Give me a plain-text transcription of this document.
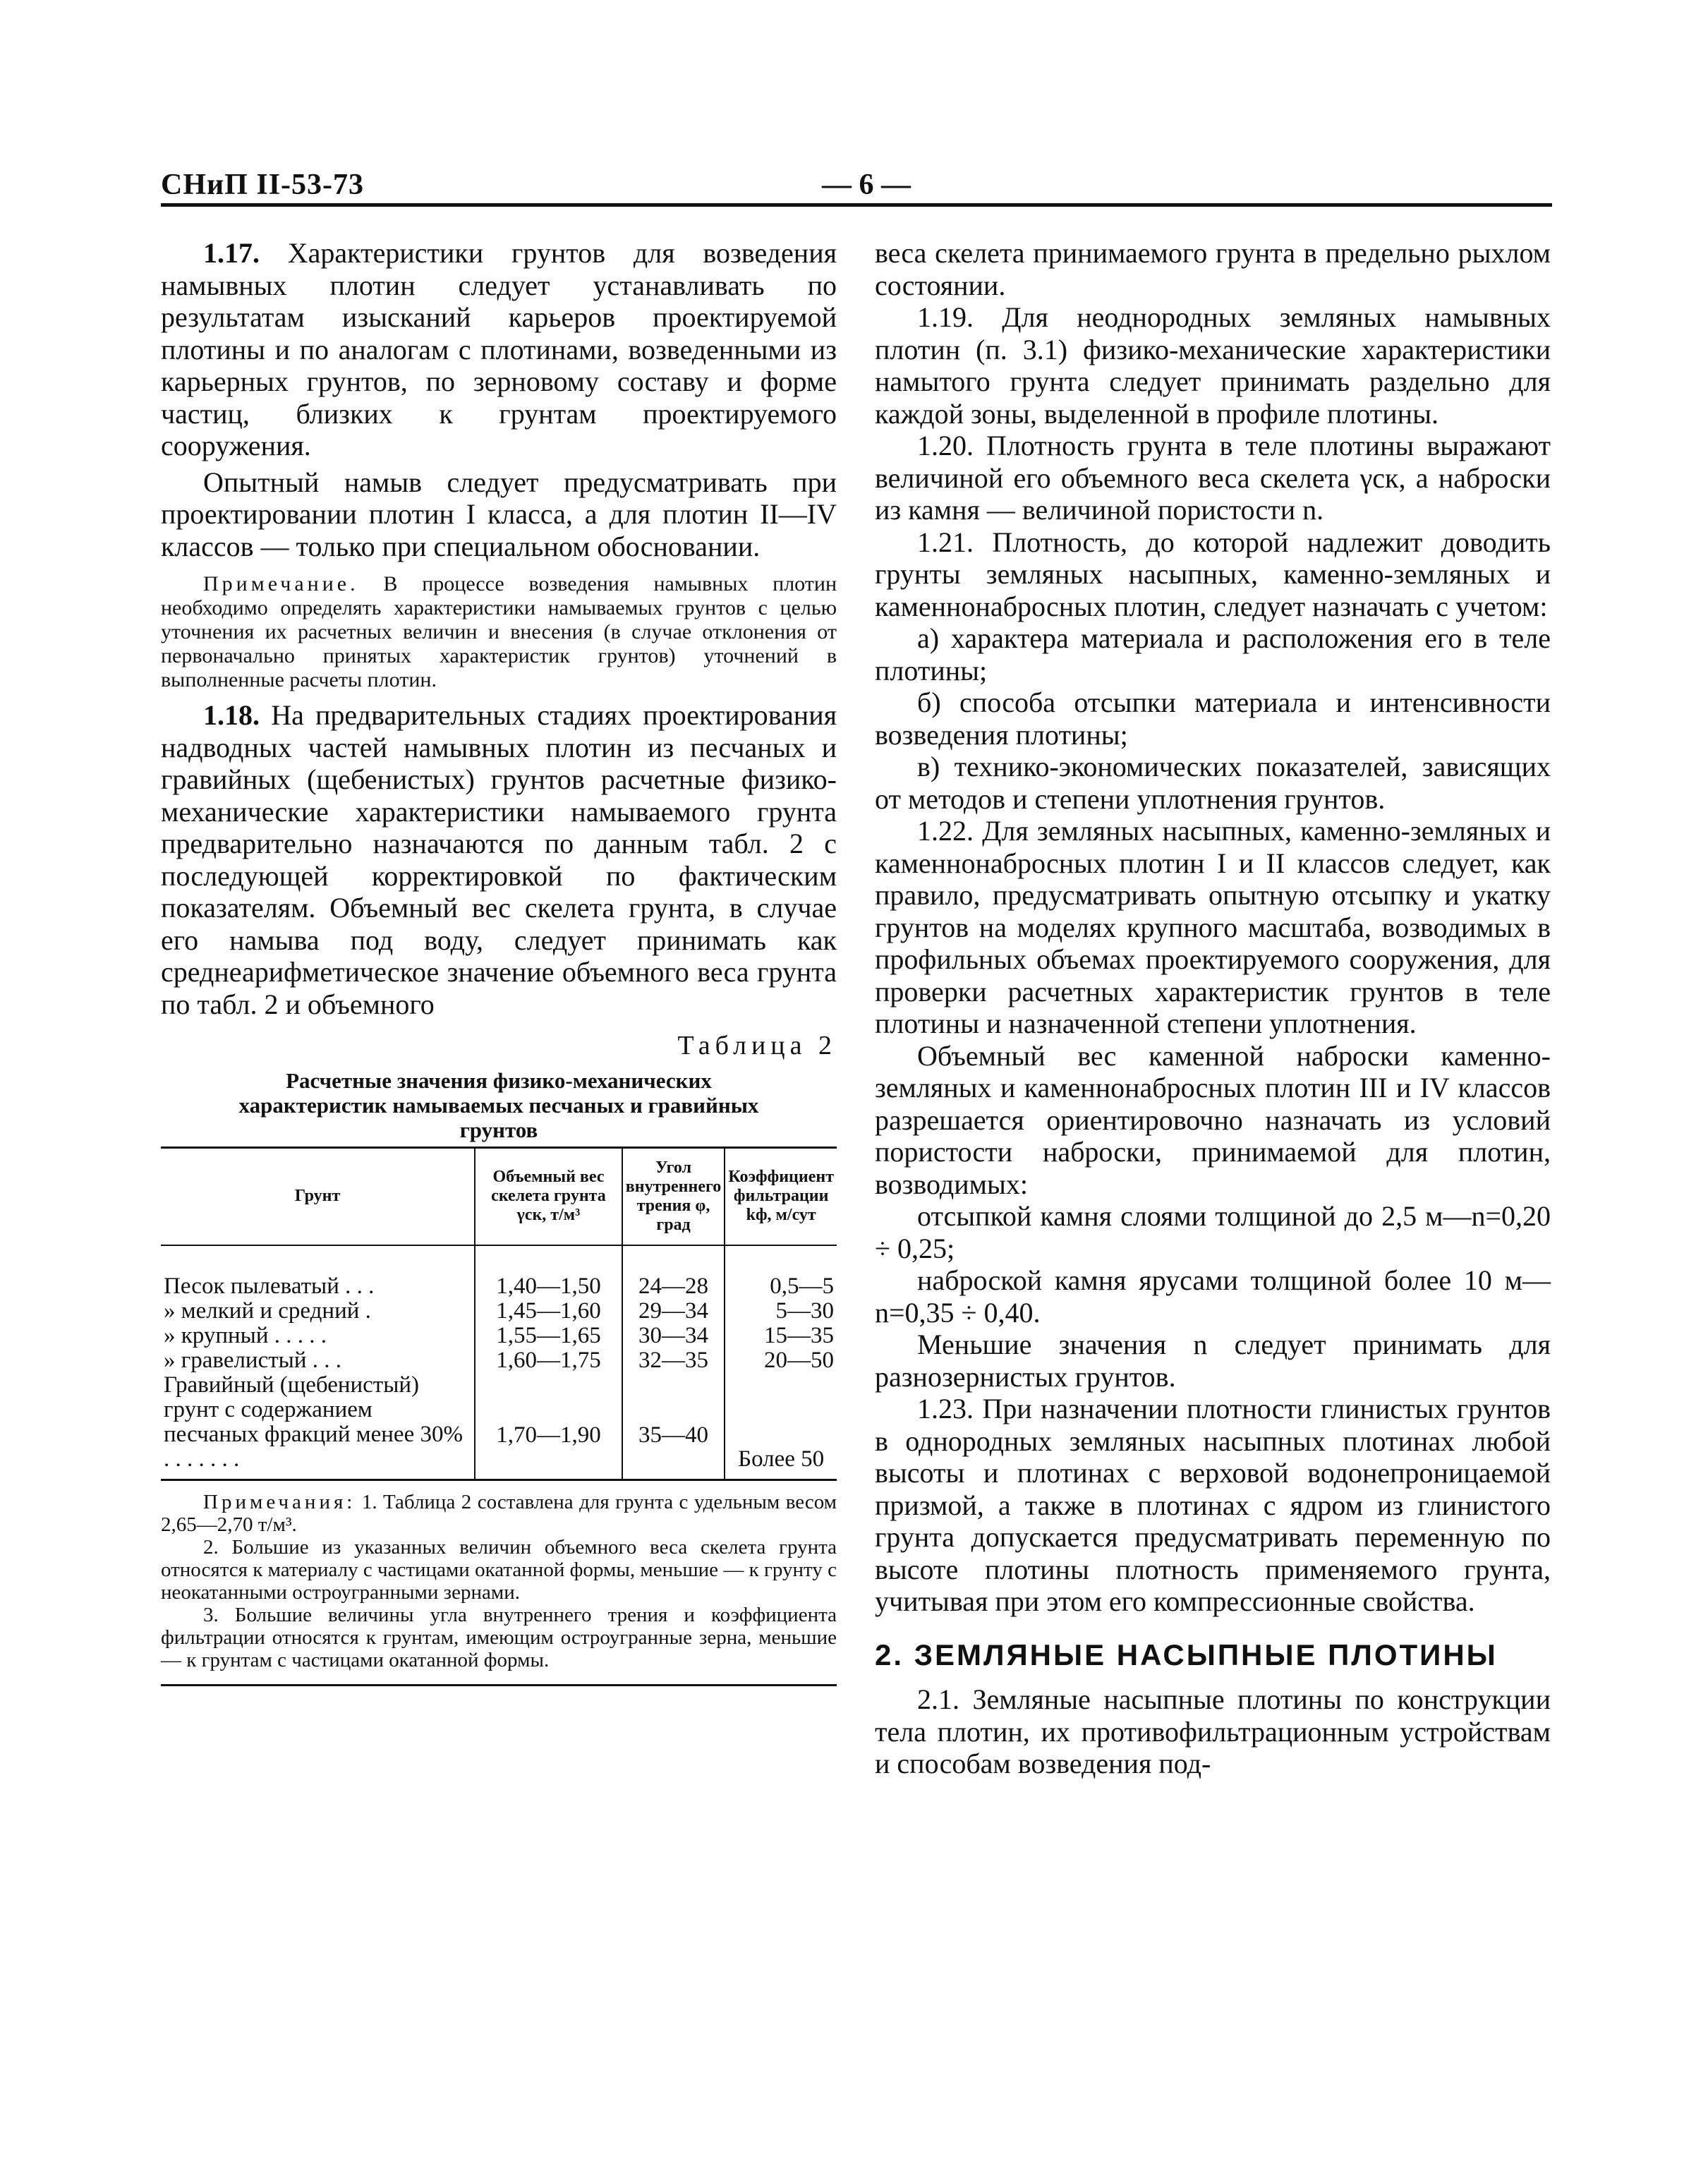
СНиП II-53-73	— 6 —

1.17. Характеристики грунтов для возведения намывных плотин следует устанавливать по результатам изысканий карьеров проектируемой плотины и по аналогам с плотинами, возведенными из карьерных грунтов, по зерновому составу и форме частиц, близких к грунтам проектируемого сооружения.

Опытный намыв следует предусматривать при проектировании плотин I класса, а для плотин II—IV классов — только при специальном обосновании.

Примечание. В процессе возведения намывных плотин необходимо определять характеристики намываемых грунтов с целью уточнения их расчетных величин и внесения (в случае отклонения от первоначально принятых характеристик грунтов) уточнений в выполненные расчеты плотин.

1.18. На предварительных стадиях проектирования надводных частей намывных плотин из песчаных и гравийных (щебенистых) грунтов расчетные физико-механические характеристики намываемого грунта предварительно назначаются по данным табл. 2 с последующей корректировкой по фактическим показателям. Объемный вес скелета грунта, в случае его намыва под воду, следует принимать как среднеарифметическое значение объемного веса грунта по табл. 2 и объемного

Таблица 2
Расчетные значения физико-механических характеристик намываемых песчаных и гравийных грунтов
Грунт	Объемный вес скелета грунта γск, т/м³	Угол внутреннего трения φ, град	Коэффициент фильтрации kф, м/сут
Песок пылеватый . . .	1,40—1,50	24—28	0,5—5
» мелкий и средний .	1,45—1,60	29—34	5—30
» крупный . . . . .	1,55—1,65	30—34	15—35
» гравелистый . . .	1,60—1,75	32—35	20—50
Гравийный (щебенистый) грунт с содержанием песчаных фракций менее 30% . . . . . . .	1,70—1,90	35—40	Более 50

Примечания: 1. Таблица 2 составлена для грунта с удельным весом 2,65—2,70 т/м³.

2. Большие из указанных величин объемного веса скелета грунта относятся к материалу с частицами окатанной формы, меньшие — к грунту с неокатанными остроугранными зернами.

3. Большие величины угла внутреннего трения и коэффициента фильтрации относятся к грунтам, имеющим остроугранные зерна, меньшие — к грунтам с частицами окатанной формы.

веса скелета принимаемого грунта в предельно рыхлом состоянии.

1.19. Для неоднородных земляных намывных плотин (п. 3.1) физико-механические характеристики намытого грунта следует принимать раздельно для каждой зоны, выделенной в профиле плотины.

1.20. Плотность грунта в теле плотины выражают величиной его объемного веса скелета γск, а наброски из камня — величиной пористости n.

1.21. Плотность, до которой надлежит доводить грунты земляных насыпных, каменно-земляных и каменнонабросных плотин, следует назначать с учетом:

а) характера материала и расположения его в теле плотины;

б) способа отсыпки материала и интенсивности возведения плотины;

в) технико-экономических показателей, зависящих от методов и степени уплотнения грунтов.

1.22. Для земляных насыпных, каменно-земляных и каменнонабросных плотин I и II классов следует, как правило, предусматривать опытную отсыпку и укатку грунтов на моделях крупного масштаба, возводимых в профильных объемах проектируемого сооружения, для проверки расчетных характеристик грунтов в теле плотины и назначенной степени уплотнения.

Объемный вес каменной наброски каменно-земляных и каменнонабросных плотин III и IV классов разрешается ориентировочно назначать из условий пористости наброски, принимаемой для плотин, возводимых:

отсыпкой камня слоями толщиной до 2,5 м—n=0,20 ÷ 0,25;

наброской камня ярусами толщиной более 10 м—n=0,35 ÷ 0,40.

Меньшие значения n следует принимать для разнозернистых грунтов.

1.23. При назначении плотности глинистых грунтов в однородных земляных насыпных плотинах любой высоты и плотинах с верховой водонепроницаемой призмой, а также в плотинах с ядром из глинистого грунта допускается предусматривать переменную по высоте плотины плотность применяемого грунта, учитывая при этом его компрессионные свойства.

2. ЗЕМЛЯНЫЕ НАСЫПНЫЕ ПЛОТИНЫ

2.1. Земляные насыпные плотины по конструкции тела плотин, их противофильтрационным устройствам и способам возведения под-
